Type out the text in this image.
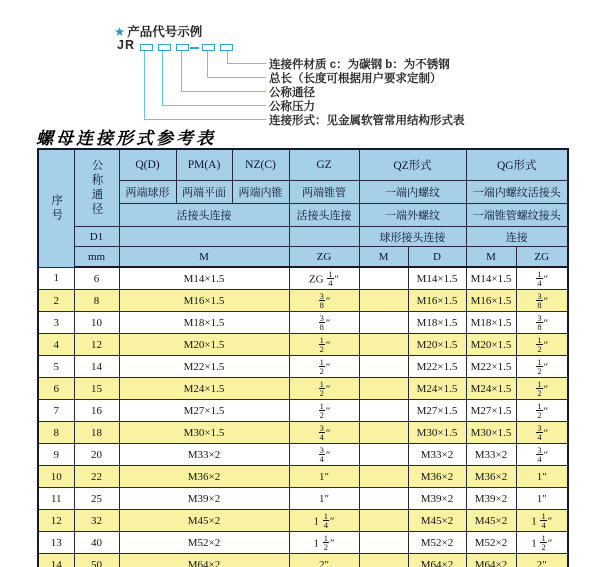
★ 产品代号示例
JR
连接件材质 c：为碳钢 b：为不锈钢
总长（长度可根据用户要求定制）
公称通径
公称压力
连接形式：见金属软管常用结构形式表
螺母连接形式参考表
序号	公称通径	Q(D)	PM(A)	NZ(C)	GZ	QZ形式		QG形式	
		两端球形	两端平面	两端内锥	两端锥管	一端内螺纹		一端内螺纹活接头	
		活接头连接			活接头连接	一端外螺纹		一端锥管螺纹接头	
	D1					球形接头连接		连接	
	mm	M			ZG	M	D	M	ZG
1	6	M14×1.5			ZG $\frac{1}{4}$ ″		M14×1.5	M14×1.5	$\frac{1}{4}$ ″
2	8	M16×1.5			$\frac{3}{8}$ ″		M16×1.5	M16×1.5	$\frac{3}{8}$ ″
3	10	M18×1.5			$\frac{3}{8}$ ″		M18×1.5	M18×1.5	$\frac{3}{8}$ ″
4	12	M20×1.5			$\frac{1}{2}$ ″		M20×1.5	M20×1.5	$\frac{1}{2}$ ″
5	14	M22×1.5			$\frac{1}{2}$ ″		M22×1.5	M22×1.5	$\frac{1}{2}$ ″
6	15	M24×1.5			$\frac{1}{2}$ ″		M24×1.5	M24×1.5	$\frac{1}{2}$ ″
7	16	M27×1.5			$\frac{1}{2}$ ″		M27×1.5	M27×1.5	$\frac{1}{2}$ ″
8	18	M30×1.5			$\frac{3}{4}$ ″		M30×1.5	M30×1.5	$\frac{3}{4}$ ″
9	20	M33×2			$\frac{3}{4}$ ″		M33×2	M33×2	$\frac{3}{4}$ ″
10	22	M36×2			1″		M36×2	M36×2	1″
11	25	M39×2			1″		M39×2	M39×2	1″
12	32	M45×2			$1 \frac{1}{4}$ ″		M45×2	M45×2	$1 \frac{1}{4}$ ″
13	40	M52×2			$1 \frac{1}{2}$ ″		M52×2	M52×2	$1 \frac{1}{2}$ ″
14	50	M64×2			2″		M64×2	M64×2	2″
